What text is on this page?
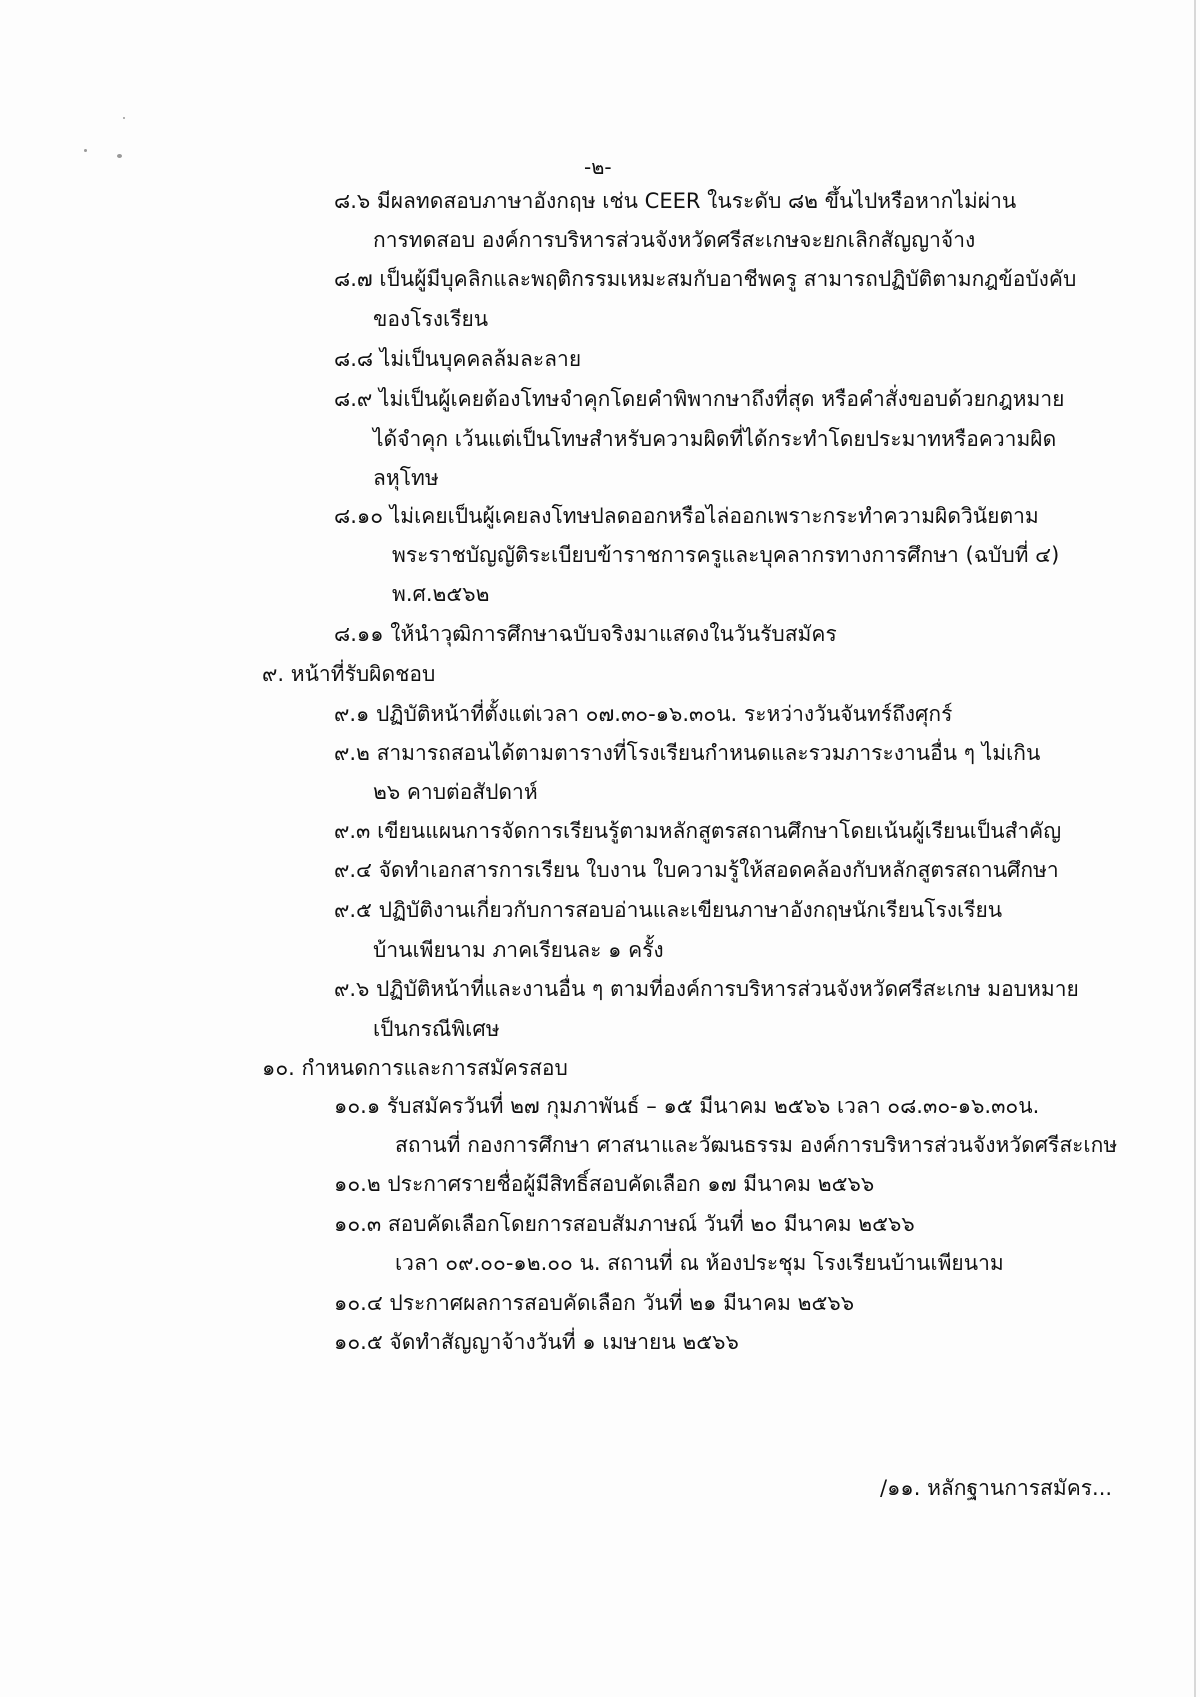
-๒-
๘.๖ มีผลทดสอบภาษาอังกฤษ เช่น CEER ในระดับ ๘๒ ขึ้นไปหรือหากไม่ผ่าน
การทดสอบ องค์การบริหารส่วนจังหวัดศรีสะเกษจะยกเลิกสัญญาจ้าง
๘.๗ เป็นผู้มีบุคลิกและพฤติกรรมเหมะสมกับอาชีพครู สามารถปฏิบัติตามกฎข้อบังคับ
ของโรงเรียน
๘.๘ ไม่เป็นบุคคลล้มละลาย
๘.๙ ไม่เป็นผู้เคยต้องโทษจำคุกโดยคำพิพากษาถึงที่สุด หรือคำสั่งขอบด้วยกฎหมาย
ได้จำคุก เว้นแต่เป็นโทษสำหรับความผิดที่ได้กระทำโดยประมาทหรือความผิด
ลหุโทษ
๘.๑๐ ไม่เคยเป็นผู้เคยลงโทษปลดออกหรือไล่ออกเพราะกระทำความผิดวินัยตาม
พระราชบัญญัติระเบียบข้าราชการครูและบุคลากรทางการศึกษา (ฉบับที่ ๔)
พ.ศ.๒๕๖๒
๘.๑๑ ให้นำวุฒิการศึกษาฉบับจริงมาแสดงในวันรับสมัคร
๙. หน้าที่รับผิดชอบ
๙.๑ ปฏิบัติหน้าที่ตั้งแต่เวลา ๐๗.๓๐-๑๖.๓๐น. ระหว่างวันจันทร์ถึงศุกร์
๙.๒ สามารถสอนได้ตามตารางที่โรงเรียนกำหนดและรวมภาระงานอื่น ๆ ไม่เกิน
๒๖ คาบต่อสัปดาห์
๙.๓ เขียนแผนการจัดการเรียนรู้ตามหลักสูตรสถานศึกษาโดยเน้นผู้เรียนเป็นสำคัญ
๙.๔ จัดทำเอกสารการเรียน ใบงาน ใบความรู้ให้สอดคล้องกับหลักสูตรสถานศึกษา
๙.๕ ปฏิบัติงานเกี่ยวกับการสอบอ่านและเขียนภาษาอังกฤษนักเรียนโรงเรียน
บ้านเพียนาม ภาคเรียนละ ๑ ครั้ง
๙.๖ ปฏิบัติหน้าที่และงานอื่น ๆ ตามที่องค์การบริหารส่วนจังหวัดศรีสะเกษ มอบหมาย
เป็นกรณีพิเศษ
๑๐. กำหนดการและการสมัครสอบ
๑๐.๑ รับสมัครวันที่ ๒๗ กุมภาพันธ์ – ๑๕ มีนาคม ๒๕๖๖ เวลา ๐๘.๓๐-๑๖.๓๐น.
สถานที่ กองการศึกษา ศาสนาและวัฒนธรรม องค์การบริหารส่วนจังหวัดศรีสะเกษ
๑๐.๒ ประกาศรายชื่อผู้มีสิทธิ์สอบคัดเลือก ๑๗ มีนาคม ๒๕๖๖
๑๐.๓ สอบคัดเลือกโดยการสอบสัมภาษณ์ วันที่ ๒๐ มีนาคม ๒๕๖๖
เวลา ๐๙.๐๐-๑๒.๐๐ น. สถานที่ ณ ห้องประชุม โรงเรียนบ้านเพียนาม
๑๐.๔ ประกาศผลการสอบคัดเลือก วันที่ ๒๑ มีนาคม ๒๕๖๖
๑๐.๕ จัดทำสัญญาจ้างวันที่ ๑ เมษายน ๒๕๖๖
/๑๑. หลักฐานการสมัคร...
